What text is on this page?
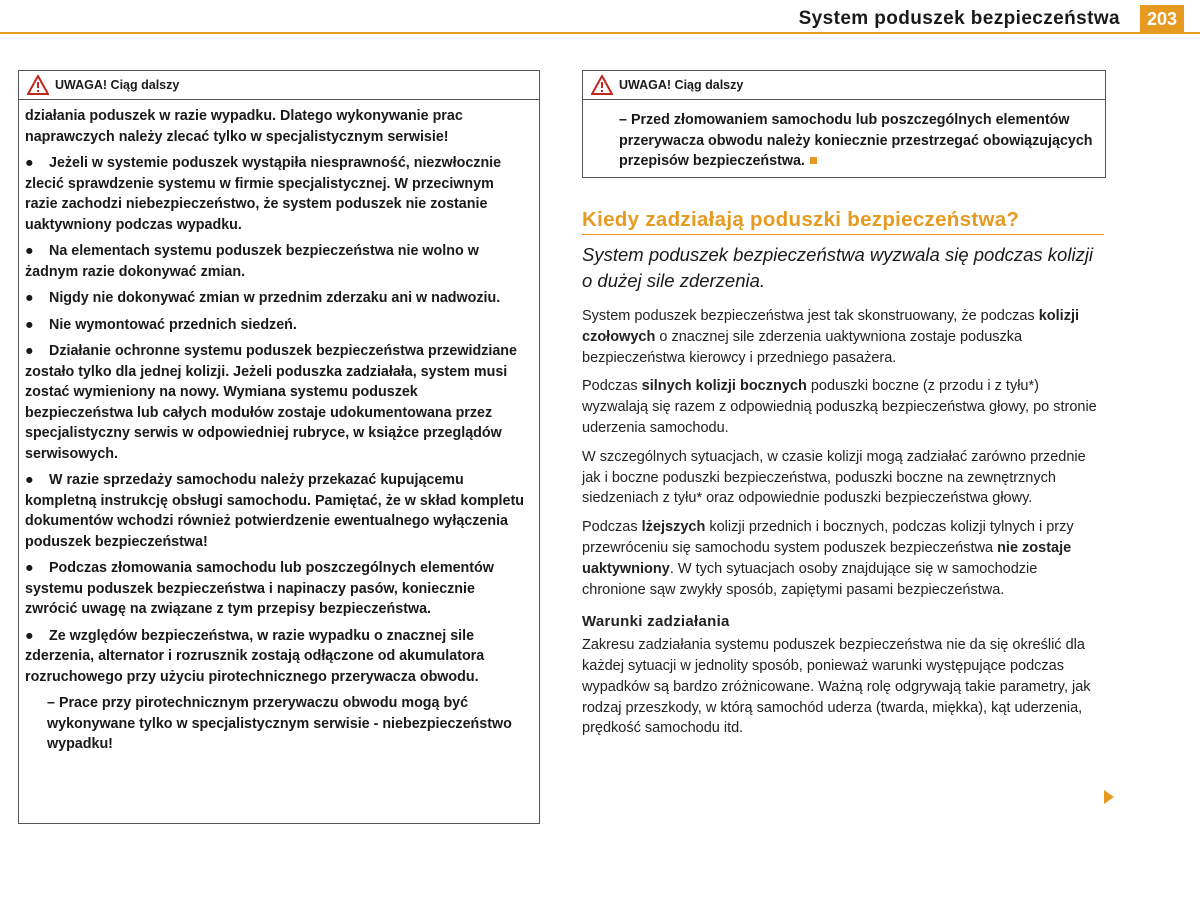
System poduszek bezpieczeństwa	203
UWAGA! Ciąg dalszy

działania poduszek w razie wypadku. Dlatego wykonywanie prac naprawczych należy zlecać tylko w specjalistycznym serwisie!

● Jeżeli w systemie poduszek wystąpiła niesprawność, niezwłocznie zlecić sprawdzenie systemu w firmie specjalistycznej. W przeciwnym razie zachodzi niebezpieczeństwo, że system poduszek nie zostanie uaktywniony podczas wypadku.

● Na elementach systemu poduszek bezpieczeństwa nie wolno w żadnym razie dokonywać zmian.

● Nigdy nie dokonywać zmian w przednim zderzaku ani w nadwoziu.

● Nie wymontować przednich siedzeń.

● Działanie ochronne systemu poduszek bezpieczeństwa przewidziane zostało tylko dla jednej kolizji. Jeżeli poduszka zadziałała, system musi zostać wymieniony na nowy. Wymiana systemu poduszek bezpieczeństwa lub całych modułów zostaje udokumentowana przez specjalistyczny serwis w odpowiedniej rubryce, w książce przeglądów serwisowych.

● W razie sprzedaży samochodu należy przekazać kupującemu kompletną instrukcję obsługi samochodu. Pamiętać, że w skład kompletu dokumentów wchodzi również potwierdzenie ewentualnego wyłączenia poduszek bezpieczeństwa!

● Podczas złomowania samochodu lub poszczególnych elementów systemu poduszek bezpieczeństwa i napinaczy pasów, koniecznie zwrócić uwagę na związane z tym przepisy bezpieczeństwa.

● Ze względów bezpieczeństwa, w razie wypadku o znacznej sile zderzenia, alternator i rozrusznik zostają odłączone od akumulatora rozruchowego przy użyciu pirotechnicznego przerywacza obwodu.

– Prace przy pirotechnicznym przerywaczu obwodu mogą być wykonywane tylko w specjalistycznym serwisie - niebezpieczeństwo wypadku!

UWAGA! Ciąg dalszy

– Przed złomowaniem samochodu lub poszczególnych elementów przerywacza obwodu należy koniecznie przestrzegać obowiązujących przepisów bezpieczeństwa.

Kiedy zadziałają poduszki bezpieczeństwa?
System poduszek bezpieczeństwa wyzwala się podczas kolizji o dużej sile zderzenia.

System poduszek bezpieczeństwa jest tak skonstruowany, że podczas kolizji czołowych o znacznej sile zderzenia uaktywniona zostaje poduszka bezpieczeństwa kierowcy i przedniego pasażera.

Podczas silnych kolizji bocznych poduszki boczne (z przodu i z tyłu*) wyzwalają się razem z odpowiednią poduszką bezpieczeństwa głowy, po stronie uderzenia samochodu.

W szczególnych sytuacjach, w czasie kolizji mogą zadziałać zarówno przednie jak i boczne poduszki bezpieczeństwa, poduszki boczne na zewnętrznych siedzeniach z tyłu* oraz odpowiednie poduszki bezpieczeństwa głowy.

Podczas lżejszych kolizji przednich i bocznych, podczas kolizji tylnych i przy przewróceniu się samochodu system poduszek bezpieczeństwa nie zostaje uaktywniony. W tych sytuacjach osoby znajdujące się w samochodzie chronione sąw zwykły sposób, zapiętymi pasami bezpieczeństwa.

Warunki zadziałania

Zakresu zadziałania systemu poduszek bezpieczeństwa nie da się określić dla każdej sytuacji w jednolity sposób, ponieważ warunki występujące podczas wypadków są bardzo zróżnicowane. Ważną rolę odgrywają takie parametry, jak rodzaj przeszkody, w którą samochód uderza (twarda, miękka), kąt uderzenia, prędkość samochodu itd.
